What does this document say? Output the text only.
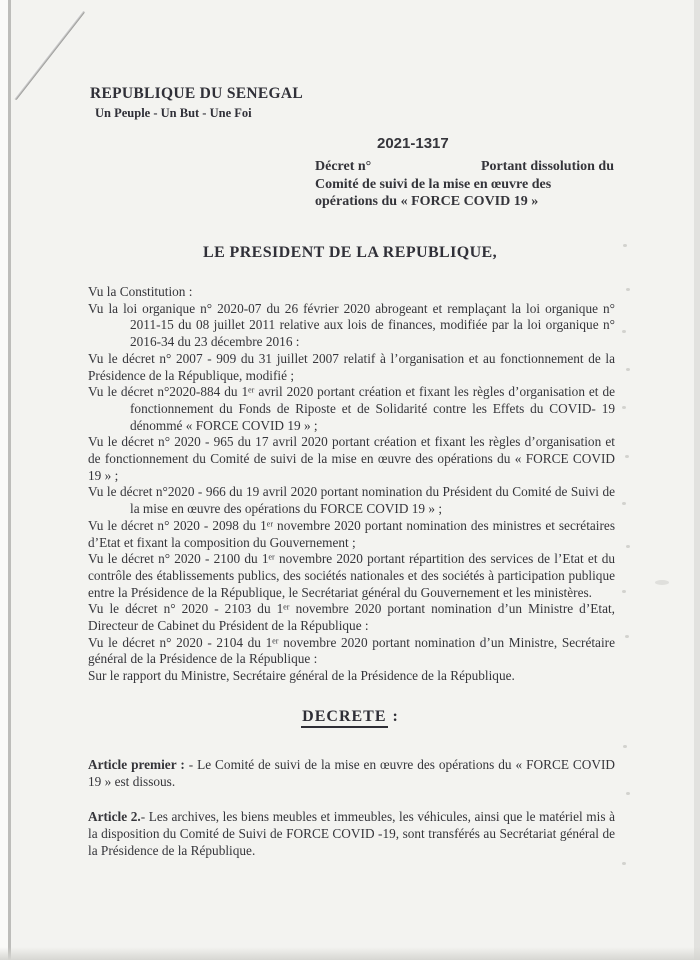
REPUBLIQUE DU SENEGAL
Un Peuple - Un But - Une Foi
2021-1317
Décret n°	Portant dissolution du
Comité de suivi de la mise en œuvre des
opérations du « FORCE COVID 19 »
LE PRESIDENT DE LA REPUBLIQUE,

Vu la Constitution :

Vu la loi organique n° 2020-07 du 26 février 2020 abrogeant et remplaçant la loi organique n° 2011-15 du 08 juillet 2011 relative aux lois de finances, modifiée par la loi organique n° 2016-34 du 23 décembre 2016 :

Vu le décret n° 2007 - 909 du 31 juillet 2007 relatif à l’organisation et au fonctionnement de la Présidence de la République, modifié ;

Vu le décret n°2020-884 du 1ᵉʳ avril 2020 portant création et fixant les règles d’organisation et de fonctionnement du Fonds de Riposte et de Solidarité contre les Effets du COVID- 19 dénommé « FORCE COVID 19 » ;

Vu le décret n° 2020 - 965 du 17 avril 2020 portant création et fixant les règles d’organisation et de fonctionnement du Comité de suivi de la mise en œuvre des opérations du « FORCE COVID 19 » ;

Vu le décret n°2020 - 966 du 19 avril 2020 portant nomination du Président du Comité de Suivi de la mise en œuvre des opérations du FORCE COVID 19 » ;

Vu le décret n° 2020 - 2098 du 1ᵉʳ novembre 2020 portant nomination des ministres et secrétaires d’Etat et fixant la composition du Gouvernement ;

Vu le décret n° 2020 - 2100 du 1ᵉʳ novembre 2020 portant répartition des services de l’Etat et du contrôle des établissements publics, des sociétés nationales et des sociétés à participation publique entre la Présidence de la République, le Secrétariat général du Gouvernement et les ministères.

Vu le décret n° 2020 - 2103 du 1ᵉʳ novembre 2020 portant nomination d’un Ministre d’Etat, Directeur de Cabinet du Président de la République :

Vu le décret n° 2020 - 2104 du 1ᵉʳ novembre 2020 portant nomination d’un Ministre, Secrétaire général de la Présidence de la République :

Sur le rapport du Ministre, Secrétaire général de la Présidence de la République.

DECRETE :

Article premier : - Le Comité de suivi de la mise en œuvre des opérations du « FORCE COVID 19 » est dissous.

Article 2.- Les archives, les biens meubles et immeubles, les véhicules, ainsi que le matériel mis à la disposition du Comité de Suivi de FORCE COVID -19, sont transférés au Secrétariat général de la Présidence de la République.
